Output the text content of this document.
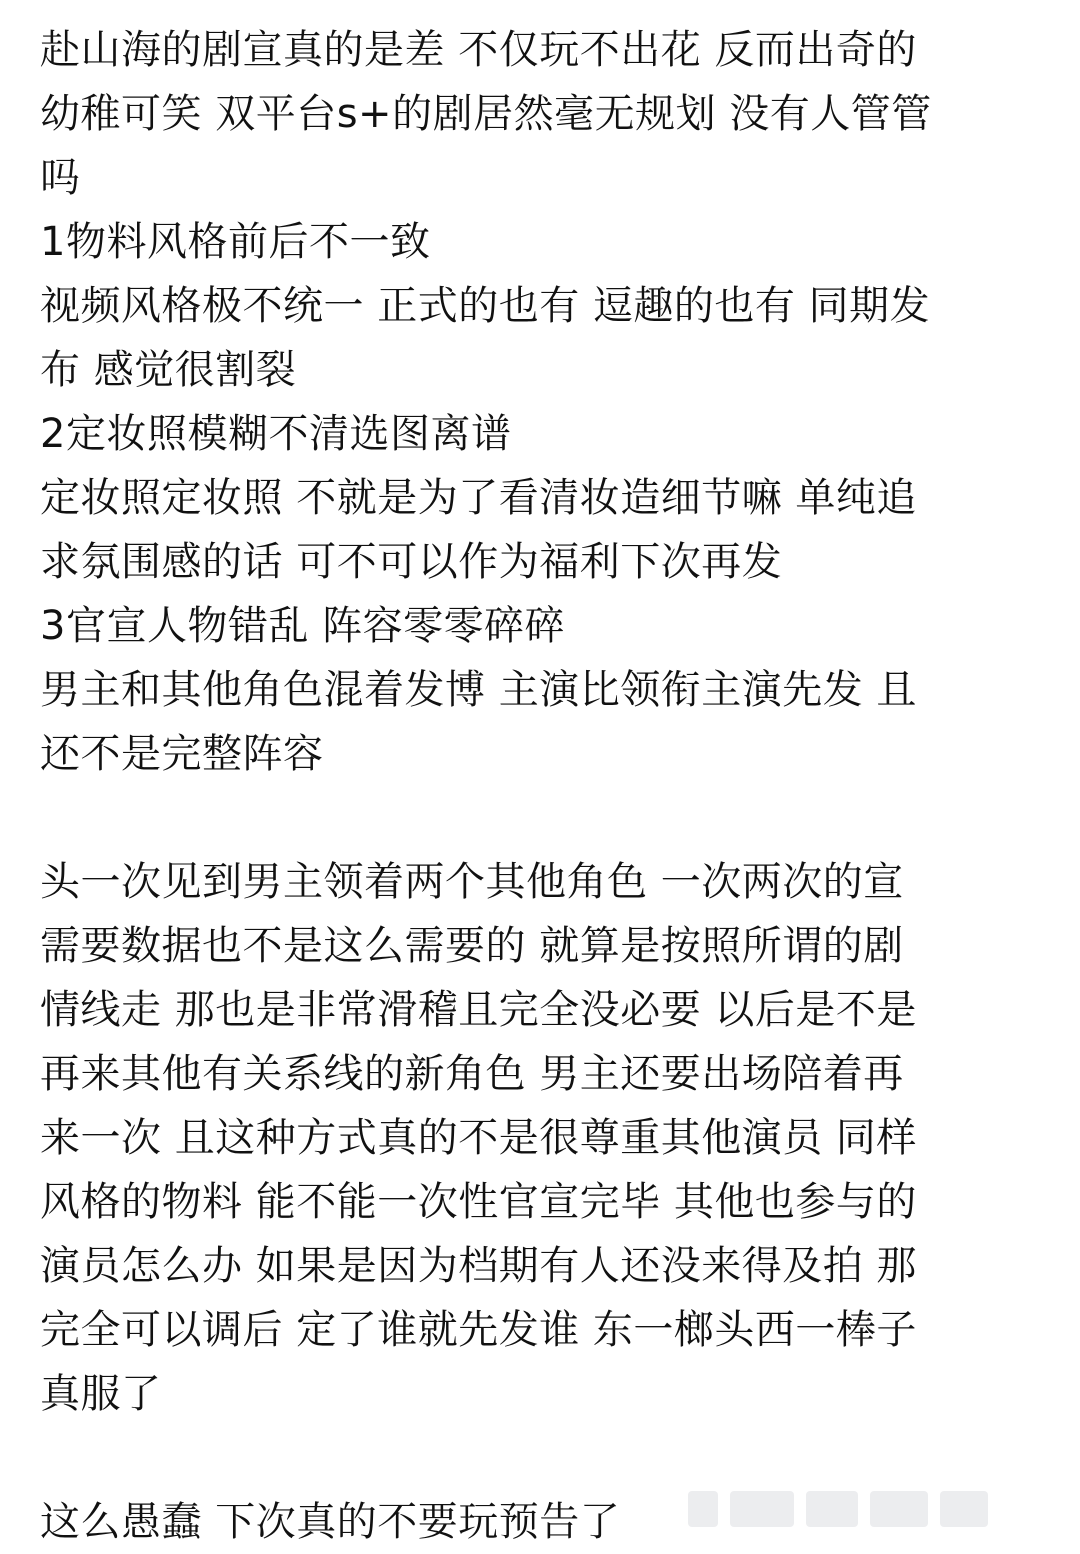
赴山海的剧宣真的是差 不仅玩不出花 反而出奇的
幼稚可笑 双平台s+的剧居然毫无规划 没有人管管
吗
1物料风格前后不一致
视频风格极不统一 正式的也有 逗趣的也有 同期发
布 感觉很割裂
2定妆照模糊不清选图离谱
定妆照定妆照 不就是为了看清妆造细节嘛 单纯追
求氛围感的话 可不可以作为福利下次再发
3官宣人物错乱 阵容零零碎碎
男主和其他角色混着发博 主演比领衔主演先发 且
还不是完整阵容
头一次见到男主领着两个其他角色 一次两次的宣
需要数据也不是这么需要的 就算是按照所谓的剧
情线走 那也是非常滑稽且完全没必要 以后是不是
再来其他有关系线的新角色 男主还要出场陪着再
来一次 且这种方式真的不是很尊重其他演员 同样
风格的物料 能不能一次性官宣完毕 其他也参与的
演员怎么办 如果是因为档期有人还没来得及拍 那
完全可以调后 定了谁就先发谁 东一榔头西一棒子
真服了
这么愚蠢 下次真的不要玩预告了
